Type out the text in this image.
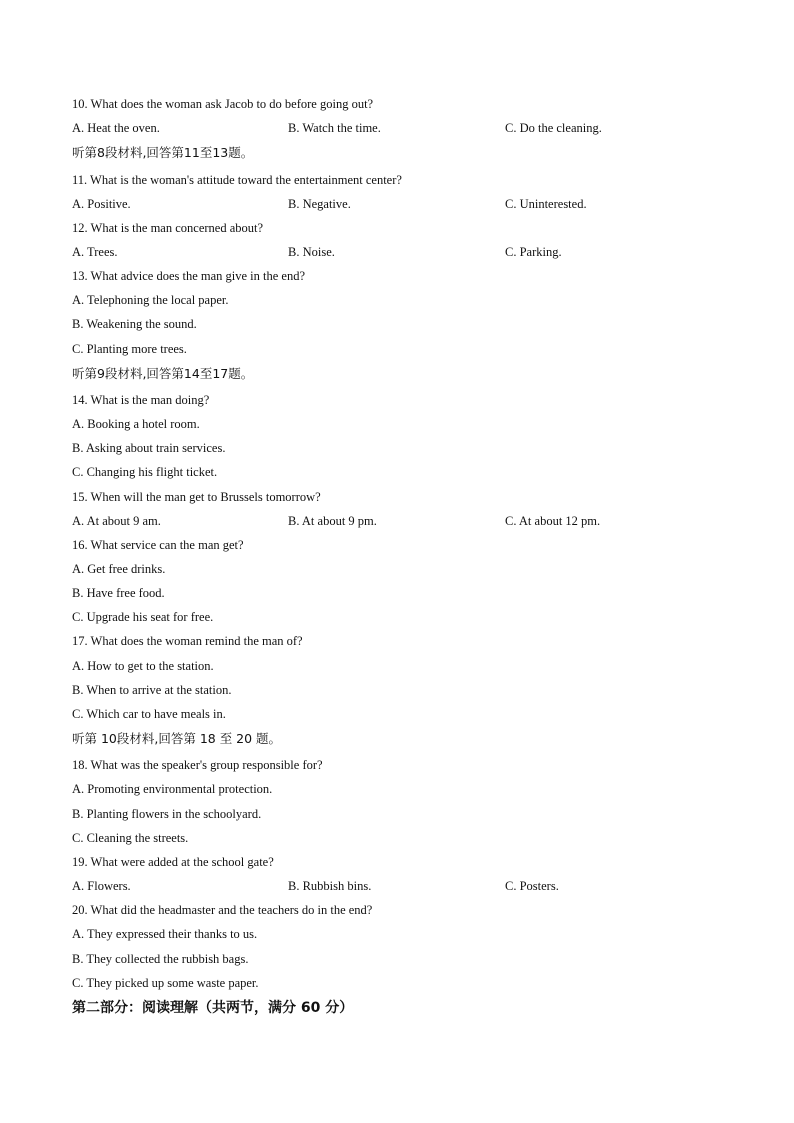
10. What does the woman ask Jacob to do before going out?
A. Heat the oven.	B. Watch the time.	C. Do the cleaning.
听第8段材料,回答第11至13题。
11. What is the woman's attitude toward the entertainment center?
A. Positive.	B. Negative.	C. Uninterested.
12. What is the man concerned about?
A. Trees.	B. Noise.	C. Parking.
13. What advice does the man give in the end?
A. Telephoning the local paper.
B. Weakening the sound.
C. Planting more trees.
听第9段材料,回答第14至17题。
14. What is the man doing?
A. Booking a hotel room.
B. Asking about train services.
C. Changing his flight ticket.
15. When will the man get to Brussels tomorrow?
A. At about 9 am.	B. At about 9 pm.	C. At about 12 pm.
16. What service can the man get?
A. Get free drinks.
B. Have free food.
C. Upgrade his seat for free.
17. What does the woman remind the man of?
A. How to get to the station.
B. When to arrive at the station.
C. Which car to have meals in.
听第 10段材料,回答第 18 至 20 题。
18. What was the speaker's group responsible for?
A. Promoting environmental protection.
B. Planting flowers in the schoolyard.
C. Cleaning the streets.
19. What were added at the school gate?
A. Flowers.	B. Rubbish bins.	C. Posters.
20. What did the headmaster and the teachers do in the end?
A. They expressed their thanks to us.
B. They collected the rubbish bags.
C. They picked up some waste paper.
第二部分：阅读理解（共两节，满分 60 分）
